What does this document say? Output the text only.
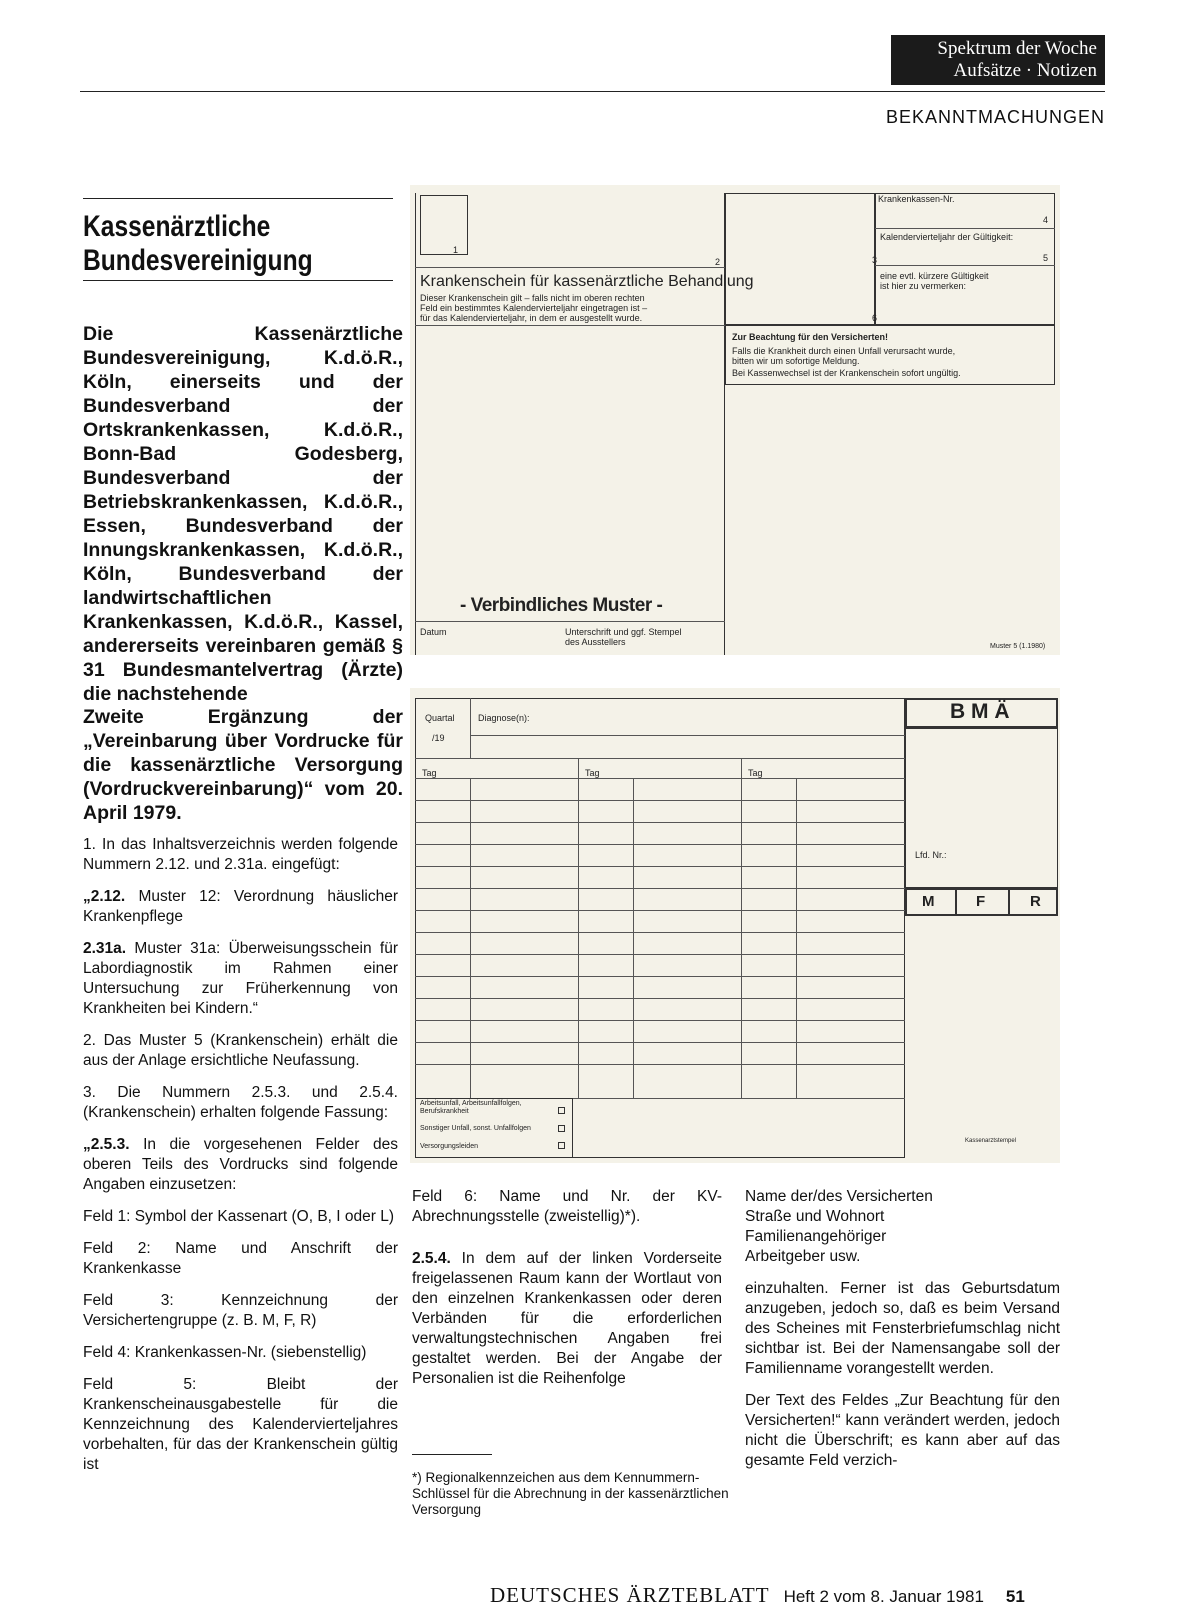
Spektrum der Woche
Aufsätze · Notizen
BEKANNTMACHUNGEN
Kassenärztliche
Bundesvereinigung
Die Kassenärztliche Bundesvereinigung, K.d.ö.R., Köln, einerseits und der Bundesverband der Ortskrankenkassen, K.d.ö.R., Bonn-Bad Godesberg, Bundesverband der Betriebskrankenkassen, K.d.ö.R., Essen, Bundesverband der Innungskrankenkassen, K.d.ö.R., Köln, Bundesverband der landwirtschaftlichen Krankenkassen, K.d.ö.R., Kassel, andererseits vereinbaren gemäß § 31 Bundesmantelvertrag (Ärzte) die nachstehende
Zweite Ergänzung der „Vereinbarung über Vordrucke für die kassenärztliche Versorgung (Vordruckvereinbarung)“ vom 20. April 1979.

1. In das Inhaltsverzeichnis werden folgende Nummern 2.12. und 2.31a. eingefügt:

„2.12. Muster 12: Verordnung häuslicher Krankenpflege

2.31a. Muster 31a: Überweisungsschein für Labordiagnostik im Rahmen einer Untersuchung zur Früherkennung von Krankheiten bei Kindern.“

2. Das Muster 5 (Krankenschein) erhält die aus der Anlage ersichtliche Neufassung.

3. Die Nummern 2.5.3. und 2.5.4. (Krankenschein) erhalten folgende Fassung:

„2.5.3. In die vorgesehenen Felder des oberen Teils des Vordrucks sind folgende Angaben einzusetzen:

Feld 1: Symbol der Kassenart (O, B, I oder L)

Feld 2: Name und Anschrift der Krankenkasse

Feld 3: Kennzeichnung der Versichertengruppe (z. B. M, F, R)

Feld 4: Krankenkassen-Nr. (siebenstellig)

Feld 5: Bleibt der Krankenscheinausgabestelle für die Kennzeichnung des Kalendervierteljahres vorbehalten, für das der Krankenschein gültig ist

Feld 6: Name und Nr. der KV-Abrechnungsstelle (zweistellig)*).

2.5.4. In dem auf der linken Vorderseite freigelassenen Raum kann der Wortlaut von den einzelnen Krankenkassen oder deren Verbänden für die erforderlichen verwaltungstechnischen Angaben frei gestaltet werden. Bei der Angabe der Personalien ist die Reihenfolge

*) Regionalkennzeichen aus dem Kennummern-Schlüssel für die Abrechnung in der kassenärztlichen Versorgung
Name der/des Versicherten
Straße und Wohnort
Familienangehöriger
Arbeitgeber usw.

einzuhalten. Ferner ist das Geburtsdatum anzugeben, jedoch so, daß es beim Versand des Scheines mit Fensterbriefumschlag nicht sichtbar ist. Bei der Namensangabe soll der Familienname vorangestellt werden.

Der Text des Feldes „Zur Beachtung für den Versicherten!“ kann verändert werden, jedoch nicht die Überschrift; es kann aber auf das gesamte Feld verzich-

1
2
Krankenschein für kassenärztliche Behandlung
Dieser Krankenschein gilt – falls nicht im oberen rechten
Feld ein bestimmtes Kalendervierteljahr eingetragen ist –
für das Kalendervierteljahr, in dem er ausgestellt wurde.
3
Krankenkassen-Nr.
4
Kalendervierteljahr der Gültigkeit:
5
eine evtl. kürzere Gültigkeit
ist hier zu vermerken:
6
Zur Beachtung für den Versicherten!
Falls die Krankheit durch einen Unfall verursacht wurde,
bitten wir um sofortige Meldung.
Bei Kassenwechsel ist der Krankenschein sofort ungültig.
- Verbindliches Muster -
Datum	Unterschrift und ggf. Stempel
des Ausstellers	Muster 5 (1.1980)
Quartal
/19
Diagnose(n):
Tag	Tag	Tag
Arbeitsunfall, Arbeitsunfallfolgen,
Berufskrankheit
Sonstiger Unfall, sonst. Unfallfolgen
Versorgungsleiden
B M Ä
Lfd. Nr.:
M	F	R
Kassenarztstempel
DEUTSCHES ÄRZTEBLATT Heft 2 vom 8. Januar 1981 51
